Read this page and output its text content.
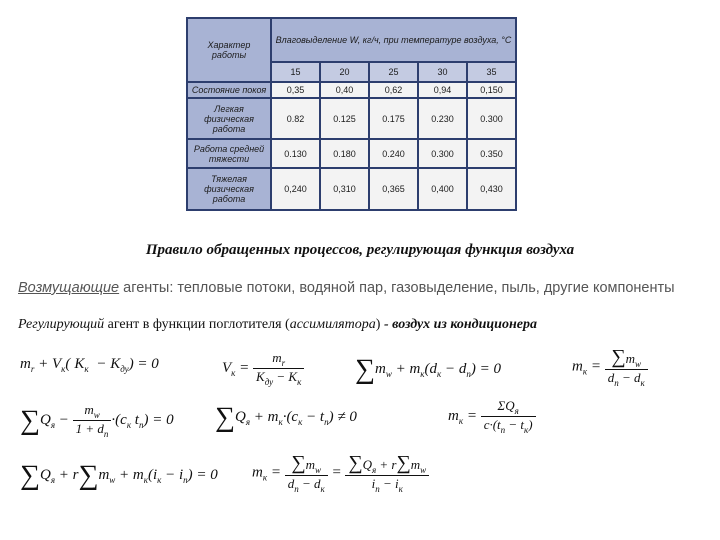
Характер работы	Влаговыделение W, кг/ч, при температуре воздуха, °С				
	15	20	25	30	35
Состояние покоя	0,35	0,40	0,62	0,94	0,150
Легкая физическая работа	0.82	0.125	0.175	0.230	0.300
Работа средней тяжести	0.130	0.180	0.240	0.300	0.350
Тяжелая физическая работа	0,240	0,310	0,365	0,400	0,430
Правило обращенных процессов, регулирующая функция воздуха
Возмущающие агенты: тепловые потоки, водяной пар, газовыделение, пыль, другие компоненты
Регулирующий агент в функции поглотителя (ассимилятора) - воздух из кондиционера
$m_r + V_к$( $K_к - K_{ду}) = 0$	$V_к = \frac{m_r}{K_{ду} - K_к} \sum m_w + m_к(d_к - d_п) = 0$	$m_к = \frac{\sum m_w}{d_п - d_к}$
$\sum Q_я - \frac{m_w}{1 + d_п} \cdot(c_к$ $t_п) = 0$ $\sum Q_я + m_к\cdot(c_к - t_п) \ne 0$	$m_к = \frac{\Sigma Q_я}{c\cdot(t_п - t_к)}$
$\sum Q_я + r\sum m_w + m_к(i_к - i_п) = 0$ $m_к = \frac{\sum m_w}{d_п - d_к} = \frac{\sum Q_я + r\sum m_w}{i_п - i_к}$
